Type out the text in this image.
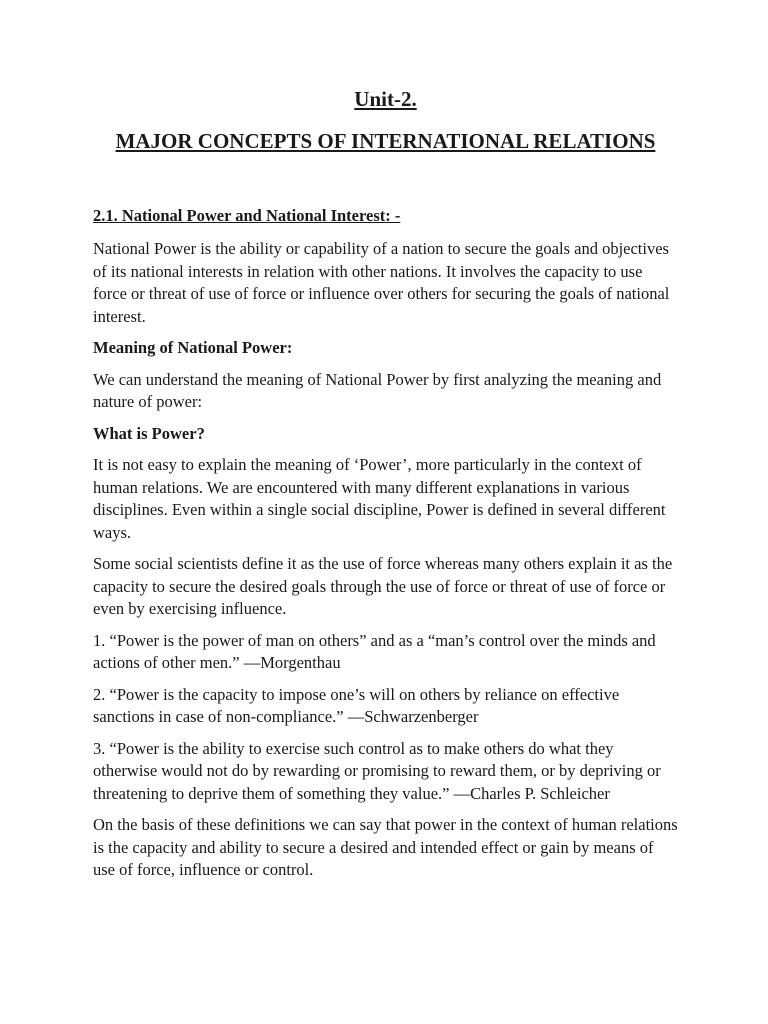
Unit-2.
MAJOR CONCEPTS OF INTERNATIONAL RELATIONS
2.1. National Power and National Interest: -

National Power is the ability or capability of a nation to secure the goals and objectives of its national interests in relation with other nations. It involves the capacity to use force or threat of use of force or influence over others for securing the goals of national interest.

Meaning of National Power:

We can understand the meaning of National Power by first analyzing the meaning and nature of power:

What is Power?

It is not easy to explain the meaning of ‘Power’, more particularly in the context of human relations. We are encountered with many different explanations in various disciplines. Even within a single social discipline, Power is defined in several different ways.

Some social scientists define it as the use of force whereas many others explain it as the capacity to secure the desired goals through the use of force or threat of use of force or even by exercising influence.

1. “Power is the power of man on others” and as a “man’s control over the minds and actions of other men.” —Morgenthau

2. “Power is the capacity to impose one’s will on others by reliance on effective sanctions in case of non-compliance.” —Schwarzenberger

3. “Power is the ability to exercise such control as to make others do what they otherwise would not do by rewarding or promising to reward them, or by depriving or threatening to deprive them of something they value.” —Charles P. Schleicher

On the basis of these definitions we can say that power in the context of human relations is the capacity and ability to secure a desired and intended effect or gain by means of use of force, influence or control.
